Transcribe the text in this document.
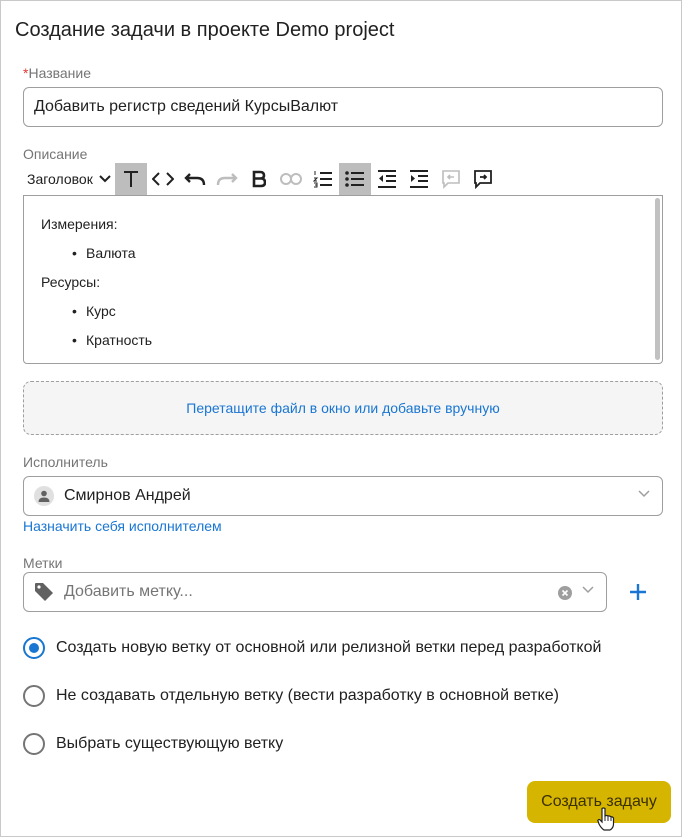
Создание задачи в проекте Demo project
*Название
Добавить регистр сведений КурсыВалют
Описание
Заголовок
Измерения:
• Валюта
Ресурсы:
• Курс
• Кратность
Перетащите файл в окно или добавьте вручную
Исполнитель
Смирнов Андрей
Назначить себя исполнителем
Метки
Добавить метку...
Создать новую ветку от основной или релизной ветки перед разработкой
Не создавать отдельную ветку (вести разработку в основной ветке)
Выбрать существующую ветку
Создать задачу
